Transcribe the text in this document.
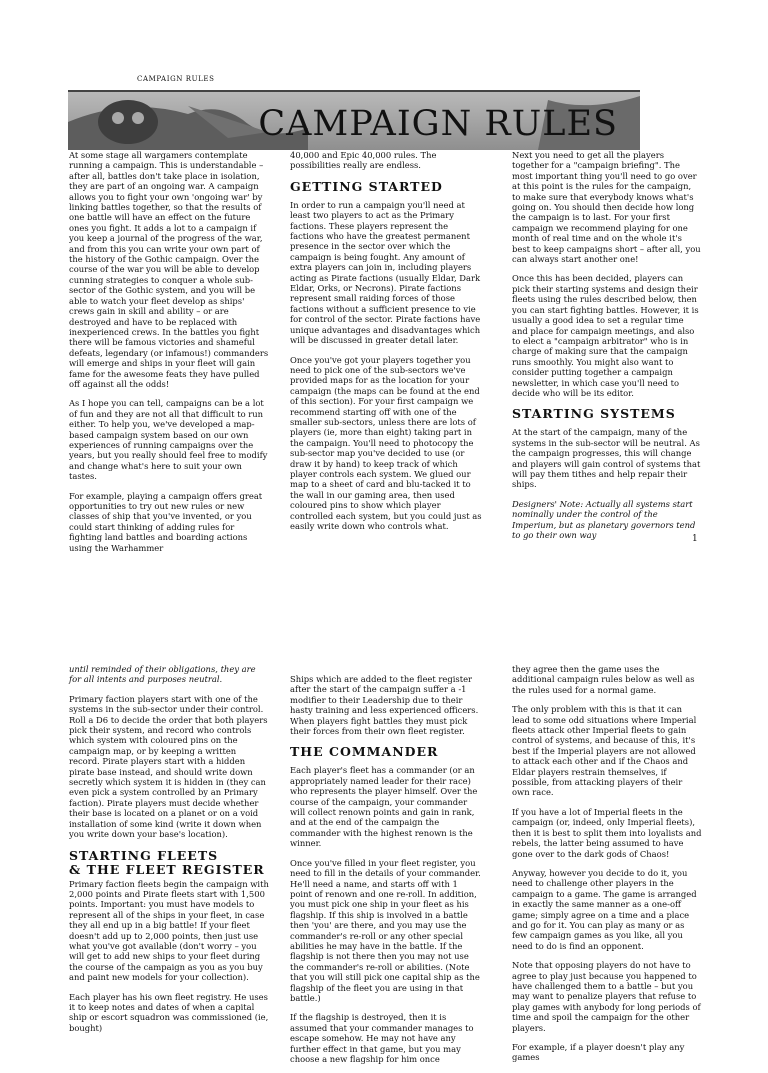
CAMPAIGN RULES
CAMPAIGN RULES

At some stage all wargamers contemplate running a campaign. This is understandable – after all, battles don't take place in isolation, they are part of an ongoing war. A campaign allows you to fight your own 'ongoing war' by linking battles together, so that the results of one battle will have an effect on the future ones you fight. It adds a lot to a campaign if you keep a journal of the progress of the war, and from this you can write your own part of the history of the Gothic campaign. Over the course of the war you will be able to develop cunning strategies to conquer a whole sub-sector of the Gothic system, and you will be able to watch your fleet develop as ships' crews gain in skill and ability – or are destroyed and have to be replaced with inexperienced crews. In the battles you fight there will be famous victories and shameful defeats, legendary (or infamous!) commanders will emerge and ships in your fleet will gain fame for the awesome feats they have pulled off against all the odds!

As I hope you can tell, campaigns can be a lot of fun and they are not all that difficult to run either. To help you, we've developed a map-based campaign system based on our own experiences of running campaigns over the years, but you really should feel free to modify and change what's here to suit your own tastes.

For example, playing a campaign offers great opportunities to try out new rules or new classes of ship that you've invented, or you could start thinking of adding rules for fighting land battles and boarding actions using the Warhammer

40,000 and Epic 40,000 rules. The possibilities really are endless.

GETTING STARTED

In order to run a campaign you'll need at least two players to act as the Primary factions. These players represent the factions who have the greatest permanent presence in the sector over which the campaign is being fought. Any amount of extra players can join in, including players acting as Pirate factions (usually Eldar, Dark Eldar, Orks, or Necrons). Pirate factions represent small raiding forces of those factions without a sufficient presence to vie for control of the sector. Pirate factions have unique advantages and disadvantages which will be discussed in greater detail later.

Once you've got your players together you need to pick one of the sub-sectors we've provided maps for as the location for your campaign (the maps can be found at the end of this section). For your first campaign we recommend starting off with one of the smaller sub-sectors, unless there are lots of players (ie, more than eight) taking part in the campaign. You'll need to photocopy the sub-sector map you've decided to use (or draw it by hand) to keep track of which player controls each system. We glued our map to a sheet of card and blu-tacked it to the wall in our gaming area, then used coloured pins to show which player controlled each system, but you could just as easily write down who controls what.

Next you need to get all the players together for a "campaign briefing". The most important thing you'll need to go over at this point is the rules for the campaign, to make sure that everybody knows what's going on. You should then decide how long the campaign is to last. For your first campaign we recommend playing for one month of real time and on the whole it's best to keep campaigns short – after all, you can always start another one!

Once this has been decided, players can pick their starting systems and design their fleets using the rules described below, then you can start fighting battles. However, it is usually a good idea to set a regular time and place for campaign meetings, and also to elect a "campaign arbitrator" who is in charge of making sure that the campaign runs smoothly. You might also want to consider putting together a campaign newsletter, in which case you'll need to decide who will be its editor.

STARTING SYSTEMS

At the start of the campaign, many of the systems in the sub-sector will be neutral. As the campaign progresses, this will change and players will gain control of systems that will pay them tithes and help repair their ships.

Designers' Note: Actually all systems start nominally under the control of the Imperium, but as planetary governors tend to go their own way	1

until reminded of their obligations, they are for all intents and purposes neutral.

Primary faction players start with one of the systems in the sub-sector under their control. Roll a D6 to decide the order that both players pick their system, and record who controls which system with coloured pins on the campaign map, or by keeping a written record. Pirate players start with a hidden pirate base instead, and should write down secretly which system it is hidden in (they can even pick a system controlled by an Primary faction). Pirate players must decide whether their base is located on a planet or on a void installation of some kind (write it down when you write down your base's location).

STARTING FLEETS
& THE FLEET REGISTER

Primary faction fleets begin the campaign with 2,000 points and Pirate fleets start with 1,500 points. Important: you must have models to represent all of the ships in your fleet, in case they all end up in a big battle! If your fleet doesn't add up to 2,000 points, then just use what you've got available (don't worry – you will get to add new ships to your fleet during the course of the campaign as you as you buy and paint new models for your collection).

Each player has his own fleet registry. He uses it to keep notes and dates of when a capital ship or escort squadron was commissioned (ie, bought)

Ships which are added to the fleet register after the start of the campaign suffer a -1 modifier to their Leadership due to their hasty training and less experienced officers. When players fight battles they must pick their forces from their own fleet register.

THE COMMANDER

Each player's fleet has a commander (or an appropriately named leader for their race) who represents the player himself. Over the course of the campaign, your commander will collect renown points and gain in rank, and at the end of the campaign the commander with the highest renown is the winner.

Once you've filled in your fleet register, you need to fill in the details of your commander. He'll need a name, and starts off with 1 point of renown and one re-roll. In addition, you must pick one ship in your fleet as his flagship. If this ship is involved in a battle then 'you' are there, and you may use the commander's re-roll or any other special abilities he may have in the battle. If the flagship is not there then you may not use the commander's re-roll or abilities. (Note that you will still pick one capital ship as the flagship of the fleet you are using in that battle.)

If the flagship is destroyed, then it is assumed that your commander manages to escape somehow. He may not have any further effect in that game, but you may choose a new flagship for him once

they agree then the game uses the additional campaign rules below as well as the rules used for a normal game.

The only problem with this is that it can lead to some odd situations where Imperial fleets attack other Imperial fleets to gain control of systems, and because of this, it's best if the Imperial players are not allowed to attack each other and if the Chaos and Eldar players restrain themselves, if possible, from attacking players of their own race.

If you have a lot of Imperial fleets in the campaign (or, indeed, only Imperial fleets), then it is best to split them into loyalists and rebels, the latter being assumed to have gone over to the dark gods of Chaos!

Anyway, however you decide to do it, you need to challenge other players in the campaign to a game. The game is arranged in exactly the same manner as a one-off game; simply agree on a time and a place and go for it. You can play as many or as few campaign games as you like, all you need to do is find an opponent.

Note that opposing players do not have to agree to play just because you happened to have challenged them to a battle – but you may want to penalize players that refuse to play games with anybody for long periods of time and spoil the campaign for the other players.

For example, if a player doesn't play any games
